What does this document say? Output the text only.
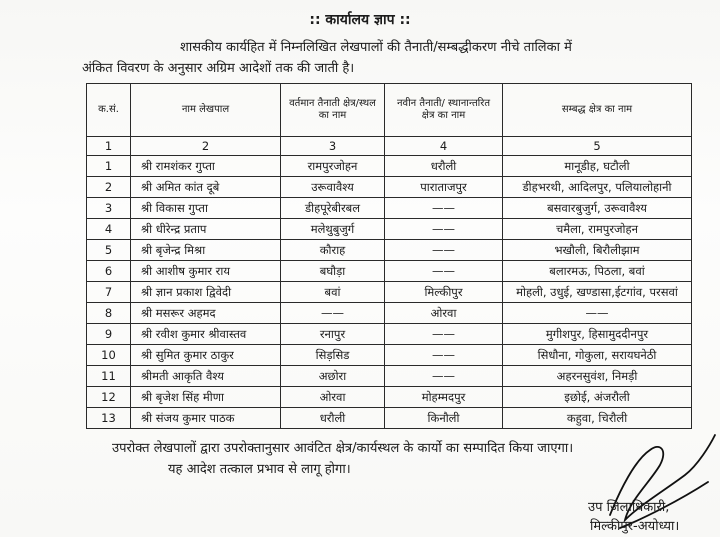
:: कार्यालय ज्ञाप ::
शासकीय कार्यहित में निम्नलिखित लेखपालों की तैनाती/सम्बद्धीकरण नीचे तालिका में
अंकित विवरण के अनुसार अग्रिम आदेशों तक की जाती है।
क.सं.	नाम लेखपाल	वर्तमान तैनाती क्षेत्र/स्थल का नाम	नवीन तैनाती/ स्थानान्तरित क्षेत्र का नाम	सम्बद्ध क्षेत्र का नाम
1	2	3	4	5
1	श्री रामशंकर गुप्ता	रामपुरजोहन	धरौली	मानूडीह, घटौली
2	श्री अमित कांत दूबे	उरूवावैश्य	पाराताजपुर	डीहभरथी, आदिलपुर, पलियालोहानी
3	श्री विकास गुप्ता	डीहपूरेबीरबल	——	बसवारबुजुर्ग, उरूवावैश्य
4	श्री धीरेन्द्र प्रताप	मलेथुबुजुर्ग	——	चमैला, रामपुरजोहन
5	श्री बृजेन्द्र मिश्रा	कौराह	——	भखौली, बिरौलीझाम
6	श्री आशीष कुमार राय	बघौड़ा	——	बलारमऊ, पिठला, बवां
7	श्री ज्ञान प्रकाश द्विवेदी	बवां	मिल्कीपुर	मोहली, उधुई, खण्डासा,ईटगांव, परसवां
8	श्री मसरूर अहमद	——	ओरवा	——
9	श्री रवीश कुमार श्रीवास्तव	रनापुर	——	मुगीशपुर, हिसामुददीनपुर
10	श्री सुमित कुमार ठाकुर	सिड़सिड	——	सिधौना, गोकुला, सरायघनेठी
11	श्रीमती आकृति वैश्य	अछोरा	——	अहरनसुवंश, निमड़ी
12	श्री बृजेश सिंह मीणा	ओरवा	मोहम्मदपुर	इछोई, अंजरौली
13	श्री संजय कुमार पाठक	धरौली	किनौली	कहुवा, चिरौली
उपरोक्त लेखपालों द्वारा उपरोक्तानुसार आवंटित क्षेत्र/कार्यस्थल के कार्यो का सम्पादित किया जाएगा।
यह आदेश तत्काल प्रभाव से लागू होगा।
उप जिलाधिकारी,
मिल्कीपुर-अयोध्या।
